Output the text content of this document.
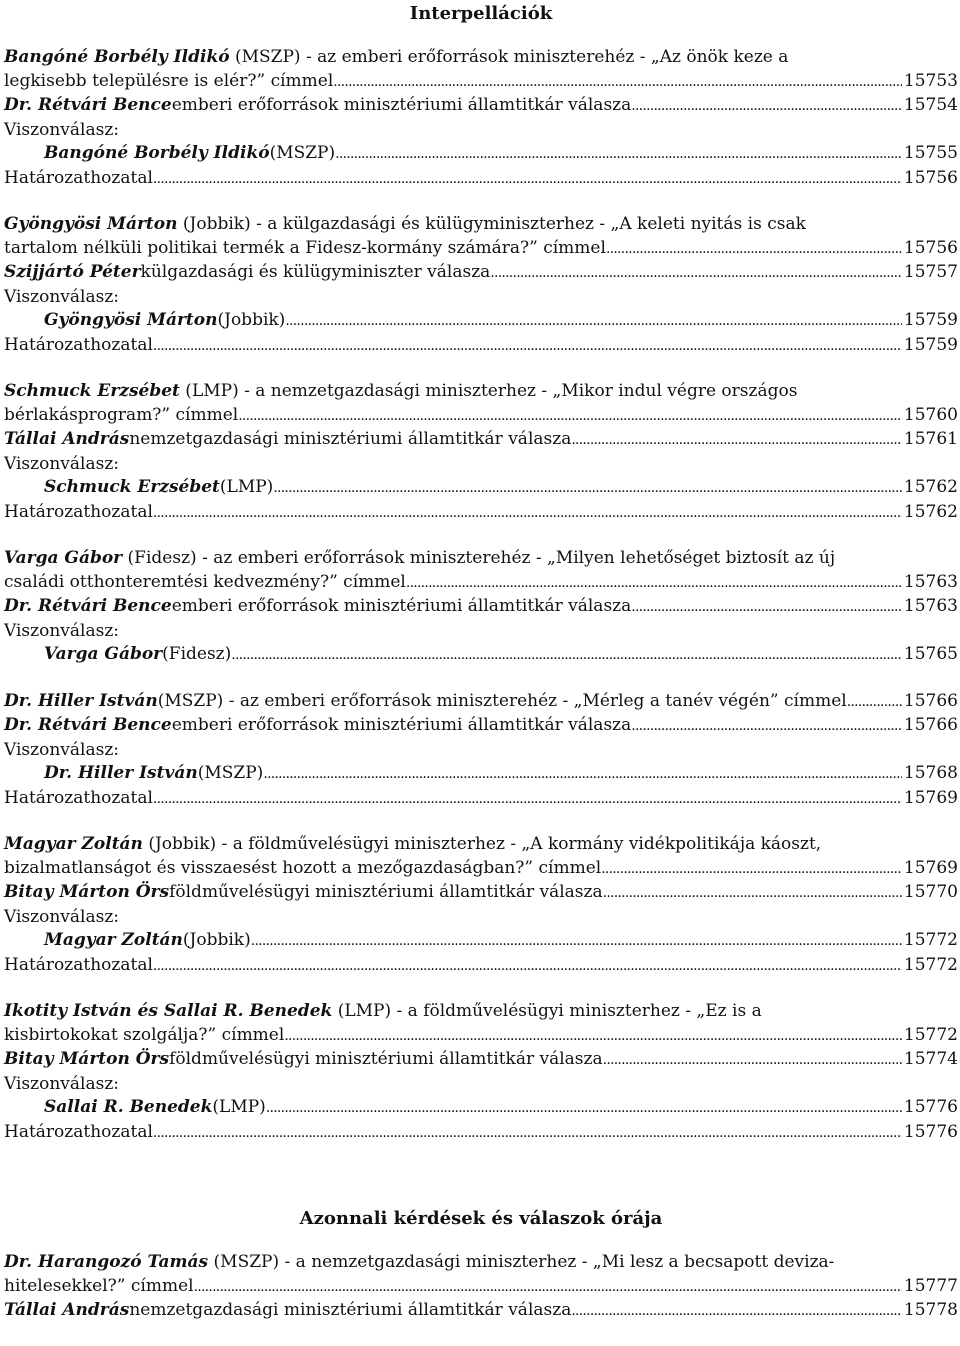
Interpellációk
Bangóné Borbély Ildikó (MSZP) - az emberi erőforrások miniszterehéz - „Az önök keze a
legkisebb településre is elér?” címmel . . .	15753
Dr. Rétvári Bence emberi erőforrások minisztériumi államtitkár válasza . . .	15754
Viszonválasz:
Bangóné Borbély Ildikó (MSZP) . . .	15755
Határozathozatal . . .	15756
Gyöngyösi Márton (Jobbik) - a külgazdasági és külügyminiszterhez - „A keleti nyitás is csak
tartalom nélküli politikai termék a Fidesz-kormány számára?” címmel . . .	15756
Szijjártó Péter külgazdasági és külügyminiszter válasza . . .	15757
Viszonválasz:
Gyöngyösi Márton (Jobbik) . . .	15759
Határozathozatal . . .	15759
Schmuck Erzsébet (LMP) - a nemzetgazdasági miniszterhez - „Mikor indul végre országos
bérlakásprogram?” címmel . . .	15760
Tállai András nemzetgazdasági minisztériumi államtitkár válasza . . .	15761
Viszonválasz:
Schmuck Erzsébet (LMP) . . .	15762
Határozathozatal . . .	15762
Varga Gábor (Fidesz) - az emberi erőforrások miniszterehéz - „Milyen lehetőséget biztosít az új
családi otthonteremtési kedvezmény?” címmel . . .	15763
Dr. Rétvári Bence emberi erőforrások minisztériumi államtitkár válasza . . .	15763
Viszonválasz:
Varga Gábor (Fidesz) . . .	15765
Dr. Hiller István (MSZP) - az emberi erőforrások miniszterehéz - „Mérleg a tanév végén” címmel . . .	15766
Dr. Rétvári Bence emberi erőforrások minisztériumi államtitkár válasza . . .	15766
Viszonválasz:
Dr. Hiller István (MSZP) . . .	15768
Határozathozatal . . .	15769
Magyar Zoltán (Jobbik) - a földművelésügyi miniszterhez - „A kormány vidékpolitikája káoszt,
bizalmatlanságot és visszaesést hozott a mezőgazdaságban?” címmel . . .	15769
Bitay Márton Örs földművelésügyi minisztériumi államtitkár válasza . . .	15770
Viszonválasz:
Magyar Zoltán (Jobbik) . . .	15772
Határozathozatal . . .	15772
Ikotity István és Sallai R. Benedek (LMP) - a földművelésügyi miniszterhez - „Ez is a
kisbirtokokat szolgálja?” címmel . . .	15772
Bitay Márton Örs földművelésügyi minisztériumi államtitkár válasza . . .	15774
Viszonválasz:
Sallai R. Benedek (LMP) . . .	15776
Határozathozatal . . .	15776
Azonnali kérdések és válaszok órája
Dr. Harangozó Tamás (MSZP) - a nemzetgazdasági miniszterhez - „Mi lesz a becsapott deviza-
hitelesekkel?” címmel . . .	15777
Tállai András nemzetgazdasági minisztériumi államtitkár válasza . . .	15778
